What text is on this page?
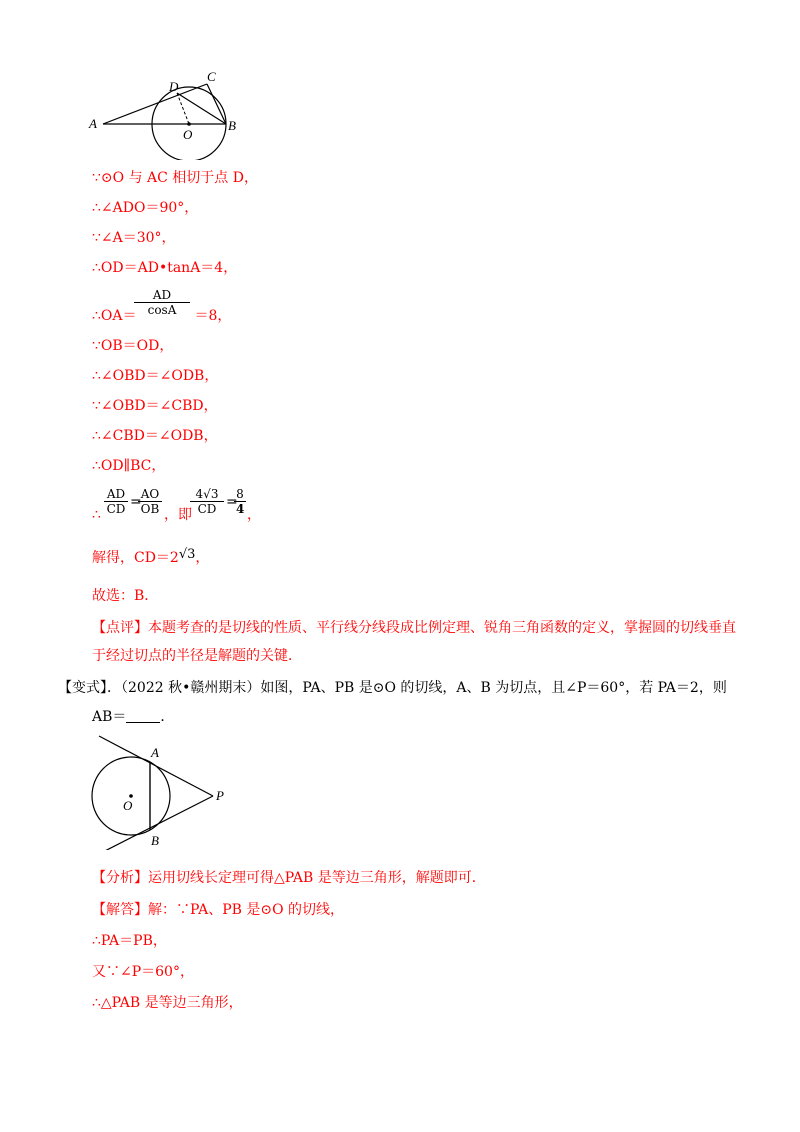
A	B
C
D
O
∵⊙O 与 AC 相切于点 D，
∴∠ADO＝90°，
∵∠A＝30°，
∴OD＝AD•tanA＝4，
∴OA＝	＝8，
$\frac{AD}{\cos A}$
∵OB＝OD，
∴∠OBD＝∠ODB，
∵∠OBD＝∠CBD，
∴∠CBD＝∠ODB，
∴OD∥BC，
∴ $\frac{AD}{CD}$ =
$\frac{AO}{OB}$ ，即
$\frac{4√3}{CD}$ =
$\frac{8}{4}$ ，
解得，CD＝2√3，
故选：B．
【点评】本题考查的是切线的性质、平行线分线段成比例定理、锐角三角函数的定义，掌握圆的切线垂直于经过切点的半径是解题的关键．
【变式】．（2022 秋•赣州期末）如图，PA、PB 是⊙O 的切线，A、B 为切点，且∠P＝60°，若 PA＝2，则
AB＝ ．
A
B
O
P
【分析】运用切线长定理可得△PAB 是等边三角形，解题即可．
【解答】解：∵PA、PB 是⊙O 的切线，
∴PA＝PB，
又∵∠P＝60°，
∴△PAB 是等边三角形，
